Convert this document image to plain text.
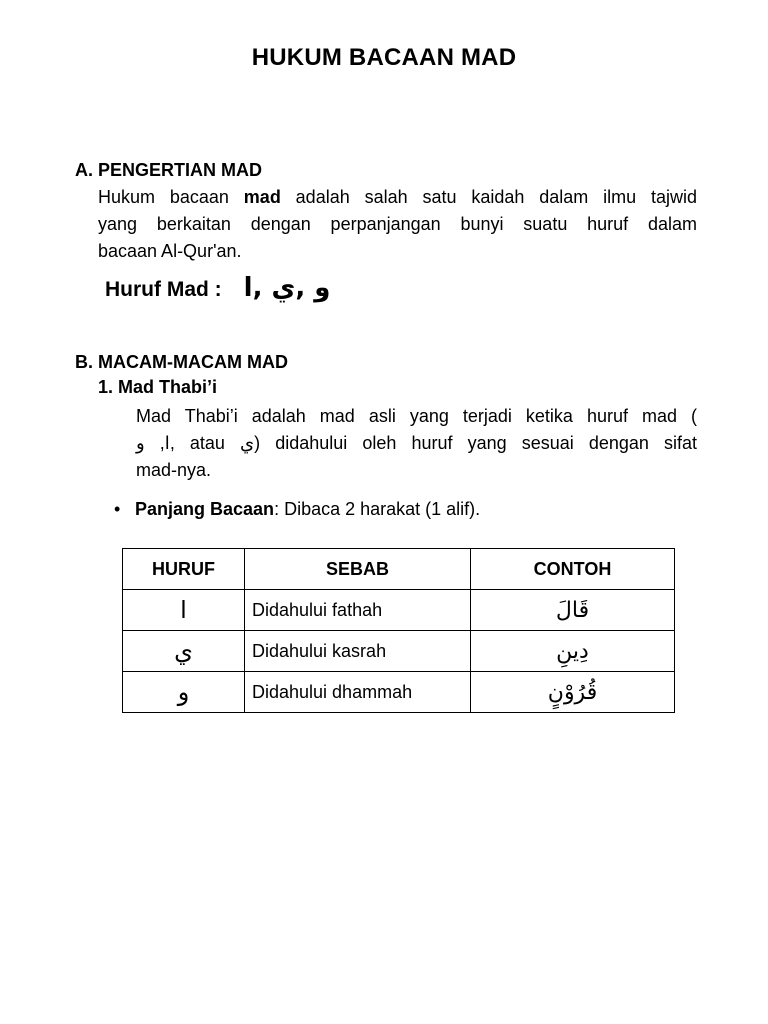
HUKUM BACAAN MAD
A. PENGERTIAN MAD
Hukum bacaan mad adalah salah satu kaidah dalam ilmu tajwid
yang berkaitan dengan perpanjangan bunyi suatu huruf dalam
bacaan Al-Qur'an.
Huruf Mad : و ,ي ,ا
B. MACAM-MACAM MAD
1. Mad Thabi’i
Mad Thabi’i adalah mad asli yang terjadi ketika huruf mad (
و ,ا, atau ي) didahului oleh huruf yang sesuai dengan sifat
mad-nya.
• Panjang Bacaan: Dibaca 2 harakat (1 alif).
HURUF	SEBAB	CONTOH
ا	Didahului fathah	قَالَ
ي	Didahului kasrah	دِينِ
و	Didahului dhammah	قُرُوْنٍ
